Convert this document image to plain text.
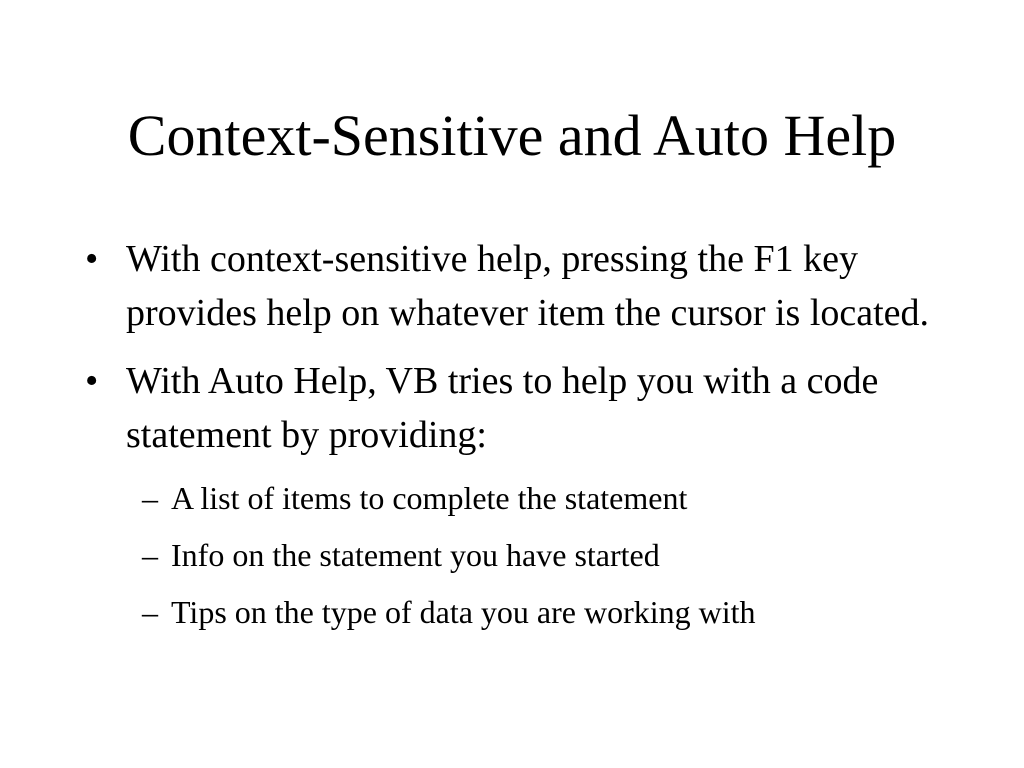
Context-Sensitive and Auto Help
• With context-sensitive help, pressing the F1 key provides help on whatever item the cursor is located.
• With Auto Help, VB tries to help you with a code statement by providing:
– A list of items to complete the statement
– Info on the statement you have started
– Tips on the type of data you are working with
